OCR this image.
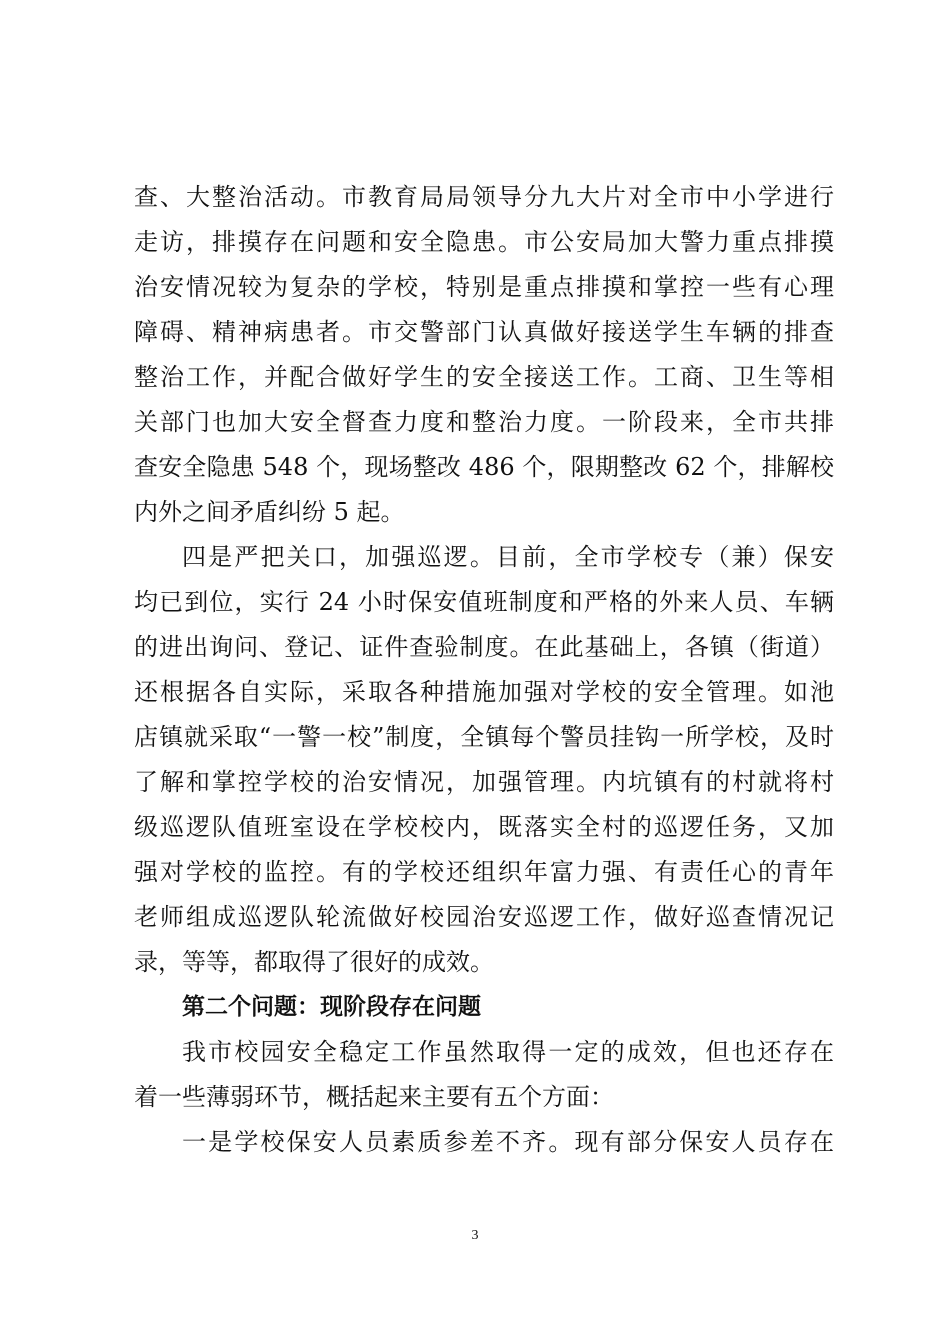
查、大整治活动。市教育局局领导分九大片对全市中小学进行
走访，排摸存在问题和安全隐患。市公安局加大警力重点排摸
治安情况较为复杂的学校，特别是重点排摸和掌控一些有心理
障碍、精神病患者。市交警部门认真做好接送学生车辆的排查
整治工作，并配合做好学生的安全接送工作。工商、卫生等相
关部门也加大安全督查力度和整治力度。一阶段来，全市共排
查安全隐患 548 个，现场整改 486 个，限期整改 62 个，排解校
内外之间矛盾纠纷 5 起。
四是严把关口，加强巡逻。目前，全市学校专（兼）保安
均已到位，实行 24 小时保安值班制度和严格的外来人员、车辆
的进出询问、登记、证件查验制度。在此基础上，各镇（街道）
还根据各自实际，采取各种措施加强对学校的安全管理。如池
店镇就采取“一警一校”制度，全镇每个警员挂钩一所学校，及时
了解和掌控学校的治安情况，加强管理。内坑镇有的村就将村
级巡逻队值班室设在学校校内，既落实全村的巡逻任务，又加
强对学校的监控。有的学校还组织年富力强、有责任心的青年
老师组成巡逻队轮流做好校园治安巡逻工作，做好巡查情况记
录，等等，都取得了很好的成效。
第二个问题：现阶段存在问题
我市校园安全稳定工作虽然取得一定的成效，但也还存在
着一些薄弱环节，概括起来主要有五个方面：
一是学校保安人员素质参差不齐。现有部分保安人员存在
3
